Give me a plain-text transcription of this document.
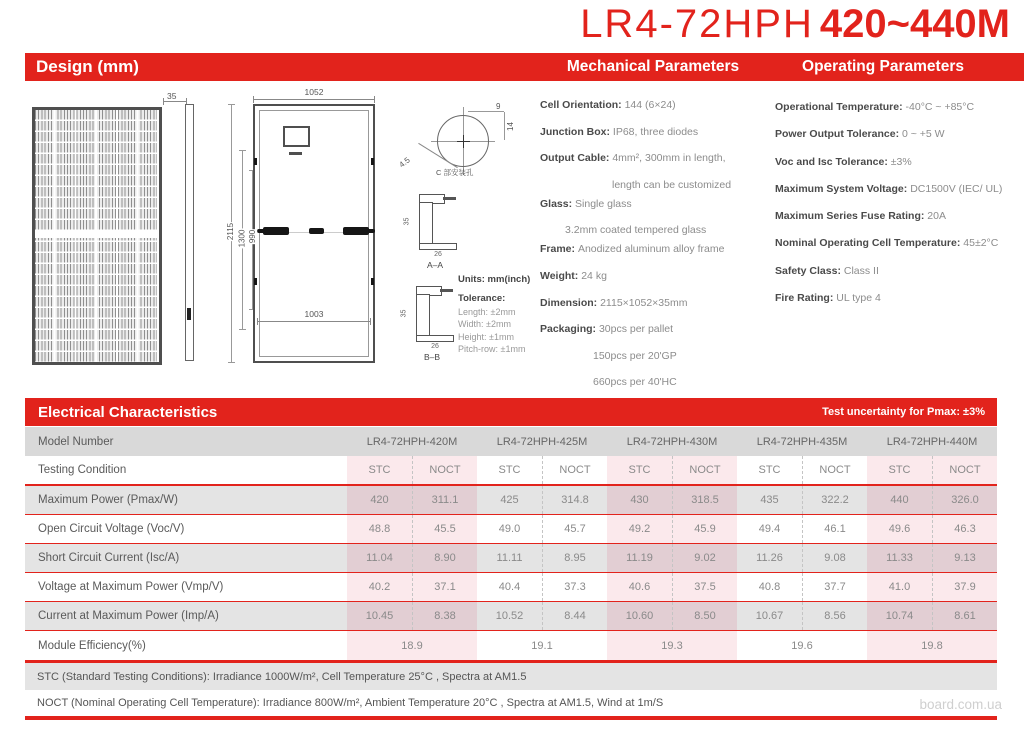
LR4-72HPH 420~440M
Design (mm)	Mechanical Parameters	Operating Parameters
35	1052
2115 1300 990
1003
4.5
9
14
C 部安装孔
35
26
A–A
35
26
B–B
Units: mm(inch)
Tolerance:
Length: ±2mm
Width: ±2mm
Height: ±1mm
Pitch-row: ±1mm
Cell Orientation: 144 (6×24)
Junction Box: IP68, three diodes
Output Cable: 4mm², 300mm in length,
length can be customized
Glass: Single glass
3.2mm coated tempered glass
Frame: Anodized aluminum alloy frame
Weight: 24 kg
Dimension: 2115×1052×35mm
Packaging: 30pcs per pallet
150pcs per 20'GP
660pcs per 40'HC
Operational Temperature: -40°C ~ +85°C
Power Output Tolerance: 0 ~ +5 W
Voc and Isc Tolerance: ±3%
Maximum System Voltage: DC1500V (IEC/ UL)
Maximum Series Fuse Rating: 20A
Nominal Operating Cell Temperature: 45±2°C
Safety Class: Class II
Fire Rating: UL type 4
Electrical Characteristics	Test uncertainty for Pmax: ±3%
Model Number	LR4-72HPH-420M	LR4-72HPH-425M	LR4-72HPH-430M	LR4-72HPH-435M	LR4-72HPH-440M
Testing Condition	STC	NOCT	STC	NOCT	STC	NOCT	STC	NOCT	STC	NOCT
Maximum Power (Pmax/W)	420	311.1	425	314.8	430	318.5	435	322.2	440	326.0
Open Circuit Voltage (Voc/V)	48.8	45.5	49.0	45.7	49.2	45.9	49.4	46.1	49.6	46.3
Short Circuit Current (Isc/A)	11.04	8.90	11.11	8.95	11.19	9.02	11.26	9.08	11.33	9.13
Voltage at Maximum Power (Vmp/V)	40.2	37.1	40.4	37.3	40.6	37.5	40.8	37.7	41.0	37.9
Current at Maximum Power (Imp/A)	10.45	8.38	10.52	8.44	10.60	8.50	10.67	8.56	10.74	8.61
Module Efficiency(%)	18.9	19.1	19.3	19.6	19.8
STC (Standard Testing Conditions): Irradiance 1000W/m², Cell Temperature 25°C , Spectra at AM1.5
NOCT (Nominal Operating Cell Temperature): Irradiance 800W/m², Ambient Temperature 20°C , Spectra at AM1.5, Wind at 1m/S	board.com.ua
